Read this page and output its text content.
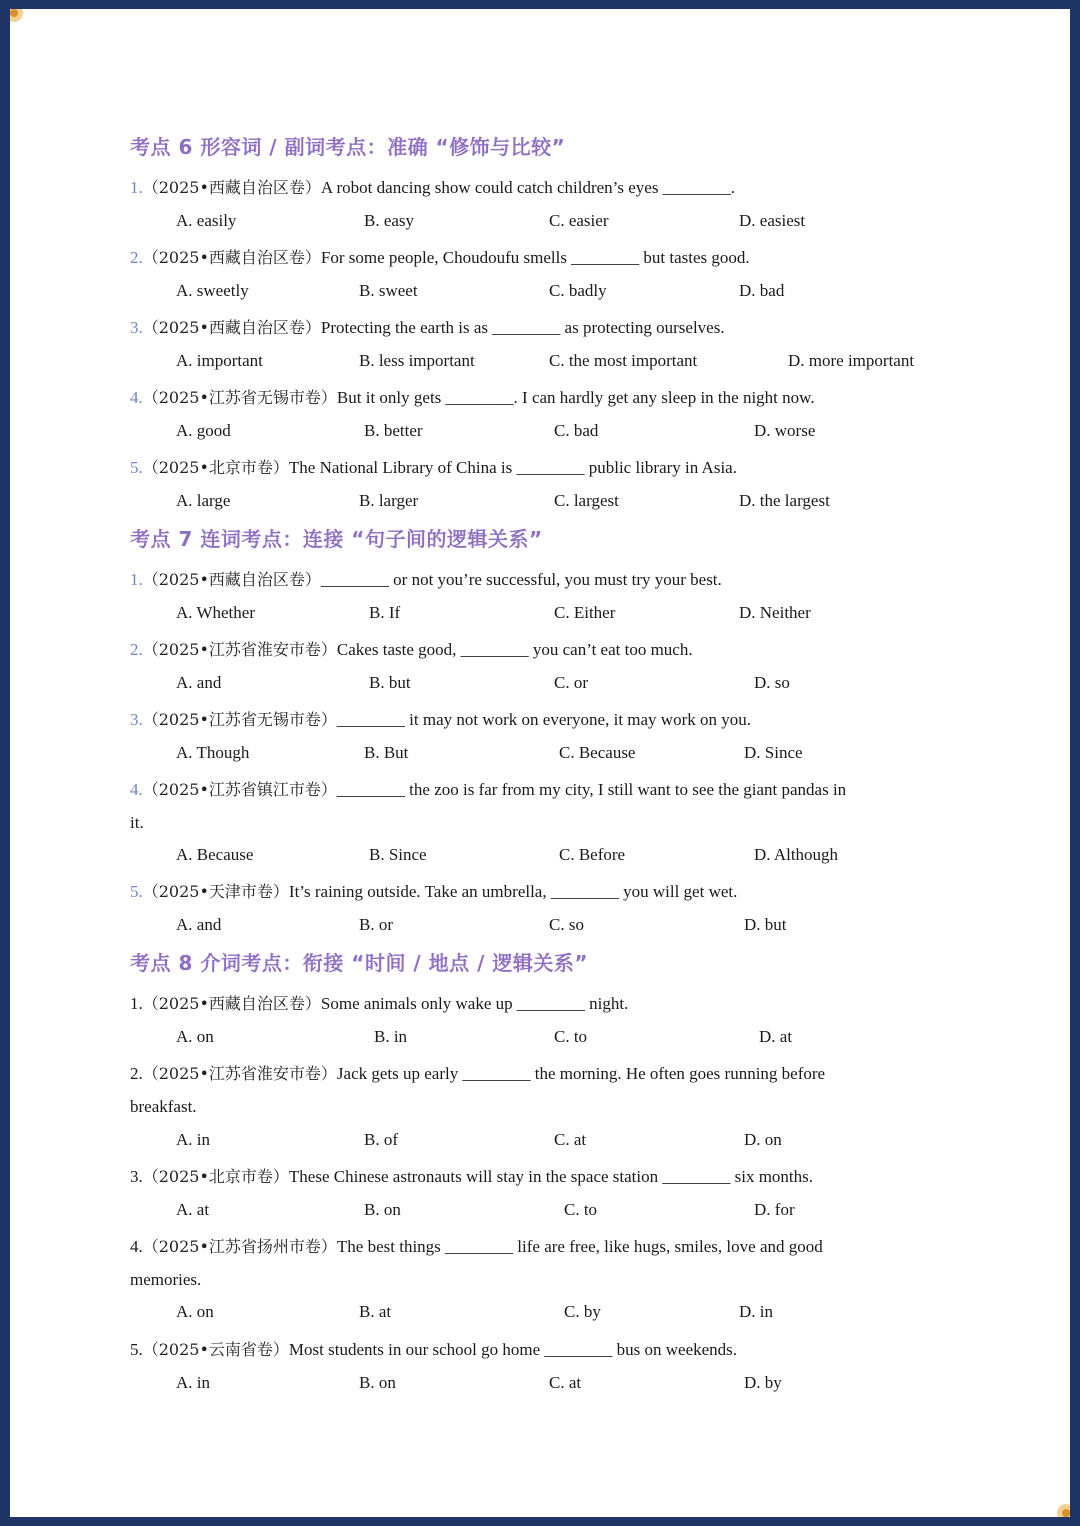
考点 6 形容词 / 副词考点：准确 “修饰与比较”
1.（2025•西藏自治区卷）A robot dancing show could catch children’s eyes ________.
A. easily	B. easy	C. easier	D. easiest
2.（2025•西藏自治区卷）For some people, Choudoufu smells ________ but tastes good.
A. sweetly	B. sweet	C. badly	D. bad
3.（2025•西藏自治区卷）Protecting the earth is as ________ as protecting ourselves.
A. important	B. less important	C. the most important	D. more important
4.（2025•江苏省无锡市卷）But it only gets ________. I can hardly get any sleep in the night now.
A. good	B. better	C. bad	D. worse
5.（2025•北京市卷）The National Library of China is ________ public library in Asia.
A. large	B. larger	C. largest	D. the largest
考点 7 连词考点：连接 “句子间的逻辑关系”
1.（2025•西藏自治区卷）________ or not you’re successful, you must try your best.
A. Whether	B. If	C. Either	D. Neither
2.（2025•江苏省淮安市卷）Cakes taste good, ________ you can’t eat too much.
A. and	B. but	C. or	D. so
3.（2025•江苏省无锡市卷）________ it may not work on everyone, it may work on you.
A. Though	B. But	C. Because	D. Since
4.（2025•江苏省镇江市卷）________ the zoo is far from my city, I still want to see the giant pandas in
it.
A. Because	B. Since	C. Before	D. Although
5.（2025•天津市卷）It’s raining outside. Take an umbrella, ________ you will get wet.
A. and	B. or	C. so	D. but
考点 8 介词考点：衔接 “时间 / 地点 / 逻辑关系”
1.（2025•西藏自治区卷）Some animals only wake up ________ night.
A. on	B. in	C. to	D. at
2.（2025•江苏省淮安市卷）Jack gets up early ________ the morning. He often goes running before
breakfast.
A. in	B. of	C. at	D. on
3.（2025•北京市卷）These Chinese astronauts will stay in the space station ________ six months.
A. at	B. on	C. to	D. for
4.（2025•江苏省扬州市卷）The best things ________ life are free, like hugs, smiles, love and good
memories.
A. on	B. at	C. by	D. in
5.（2025•云南省卷）Most students in our school go home ________ bus on weekends.
A. in	B. on	C. at	D. by
